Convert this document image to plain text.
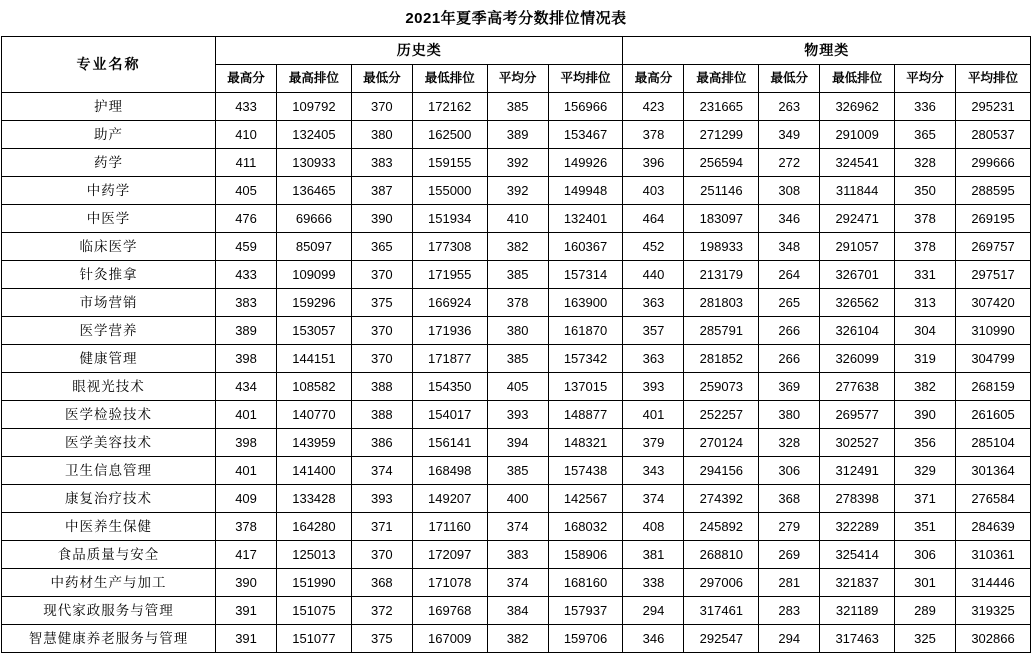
2021年夏季高考分数排位情况表
专业名称	历史类						物理类					
	最高分	最高排位	最低分	最低排位	平均分	平均排位	最高分	最高排位	最低分	最低排位	平均分	平均排位
护理	433	109792	370	172162	385	156966	423	231665	263	326962	336	295231
助产	410	132405	380	162500	389	153467	378	271299	349	291009	365	280537
药学	411	130933	383	159155	392	149926	396	256594	272	324541	328	299666
中药学	405	136465	387	155000	392	149948	403	251146	308	311844	350	288595
中医学	476	69666	390	151934	410	132401	464	183097	346	292471	378	269195
临床医学	459	85097	365	177308	382	160367	452	198933	348	291057	378	269757
针灸推拿	433	109099	370	171955	385	157314	440	213179	264	326701	331	297517
市场营销	383	159296	375	166924	378	163900	363	281803	265	326562	313	307420
医学营养	389	153057	370	171936	380	161870	357	285791	266	326104	304	310990
健康管理	398	144151	370	171877	385	157342	363	281852	266	326099	319	304799
眼视光技术	434	108582	388	154350	405	137015	393	259073	369	277638	382	268159
医学检验技术	401	140770	388	154017	393	148877	401	252257	380	269577	390	261605
医学美容技术	398	143959	386	156141	394	148321	379	270124	328	302527	356	285104
卫生信息管理	401	141400	374	168498	385	157438	343	294156	306	312491	329	301364
康复治疗技术	409	133428	393	149207	400	142567	374	274392	368	278398	371	276584
中医养生保健	378	164280	371	171160	374	168032	408	245892	279	322289	351	284639
食品质量与安全	417	125013	370	172097	383	158906	381	268810	269	325414	306	310361
中药材生产与加工	390	151990	368	171078	374	168160	338	297006	281	321837	301	314446
现代家政服务与管理	391	151075	372	169768	384	157937	294	317461	283	321189	289	319325
智慧健康养老服务与管理	391	151077	375	167009	382	159706	346	292547	294	317463	325	302866
